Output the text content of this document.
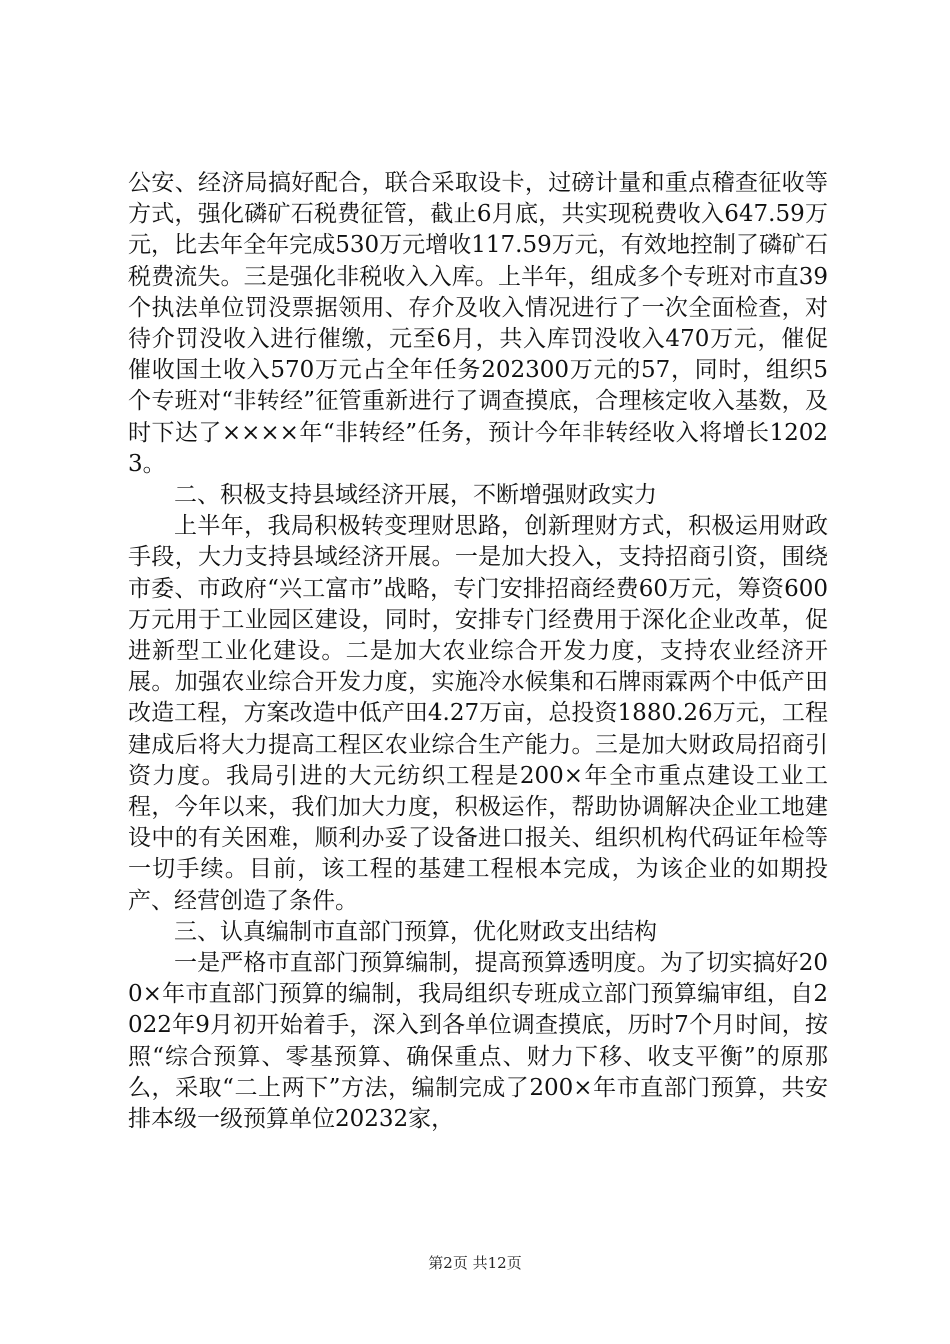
公安、经济局搞好配合，联合采取设卡，过磅计量和重点稽查征收等方式，强化磷矿石税费征管，截止6月底，共实现税费收入647.59万元，比去年全年完成530万元增收117.59万元，有效地控制了磷矿石税费流失。三是强化非税收入入库。上半年，组成多个专班对市直39个执法单位罚没票据领用、存介及收入情况进行了一次全面检查，对待介罚没收入进行催缴，元至6月，共入库罚没收入470万元，催促催收国土收入570万元占全年任务202300万元的57，同时，组织5个专班对“非转经”征管重新进行了调查摸底，合理核定收入基数，及时下达了××××年“非转经”任务，预计今年非转经收入将增长12023。

二、积极支持县域经济开展，不断增强财政实力

上半年，我局积极转变理财思路，创新理财方式，积极运用财政手段，大力支持县域经济开展。一是加大投入，支持招商引资，围绕市委、市政府“兴工富市”战略，专门安排招商经费60万元，筹资600万元用于工业园区建设，同时，安排专门经费用于深化企业改革，促进新型工业化建设。二是加大农业综合开发力度，支持农业经济开展。加强农业综合开发力度，实施冷水候集和石牌雨霖两个中低产田改造工程，方案改造中低产田4.27万亩，总投资1880.26万元，工程建成后将大力提高工程区农业综合生产能力。三是加大财政局招商引资力度。我局引进的大元纺织工程是200×年全市重点建设工业工程，今年以来，我们加大力度，积极运作，帮助协调解决企业工地建设中的有关困难，顺利办妥了设备进口报关、组织机构代码证年检等一切手续。目前，该工程的基建工程根本完成，为该企业的如期投产、经营创造了条件。

三、认真编制市直部门预算，优化财政支出结构

一是严格市直部门预算编制，提高预算透明度。为了切实搞好200×年市直部门预算的编制，我局组织专班成立部门预算编审组，自2022年9月初开始着手，深入到各单位调查摸底，历时7个月时间，按照“综合预算、零基预算、确保重点、财力下移、收支平衡”的原那么，采取“二上两下”方法，编制完成了200×年市直部门预算，共安排本级一级预算单位20232家，

第2页 共12页
